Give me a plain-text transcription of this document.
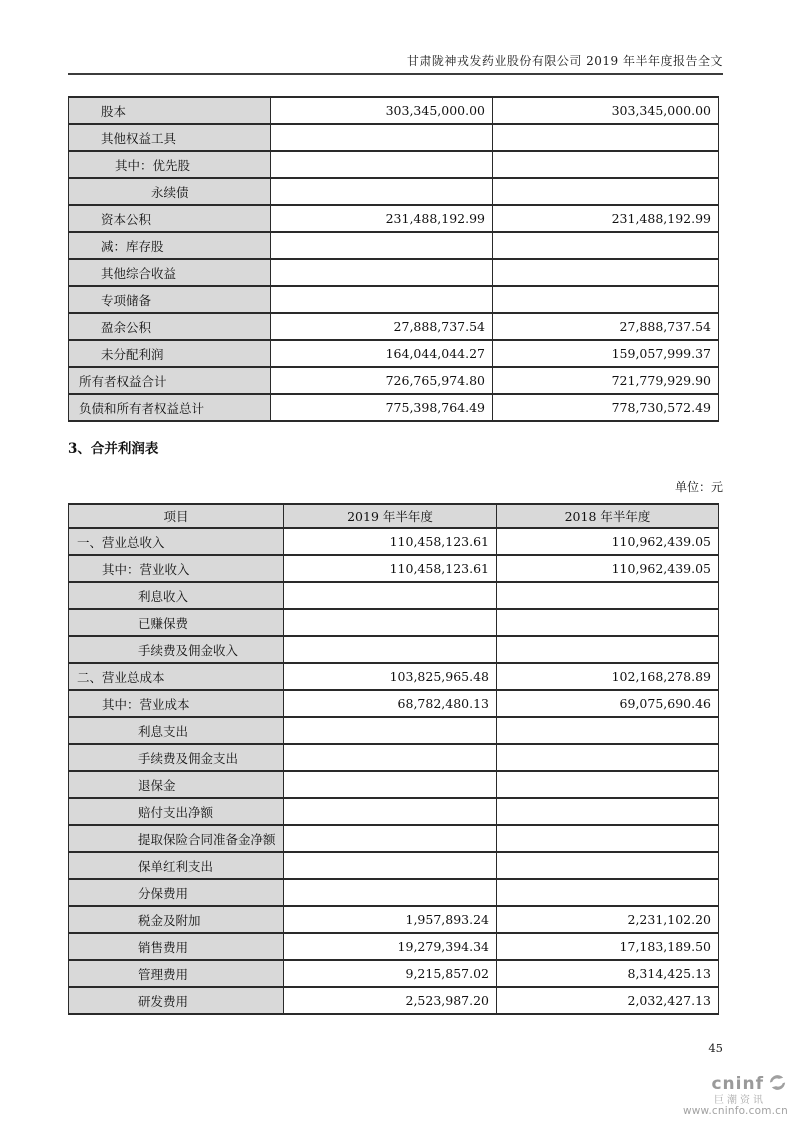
甘肃陇神戎发药业股份有限公司 2019 年半年度报告全文
股本	303,345,000.00	303,345,000.00
其他权益工具		
其中：优先股		
永续债		
资本公积	231,488,192.99	231,488,192.99
减：库存股		
其他综合收益		
专项储备		
盈余公积	27,888,737.54	27,888,737.54
未分配利润	164,044,044.27	159,057,999.37
所有者权益合计	726,765,974.80	721,779,929.90
负债和所有者权益总计	775,398,764.49	778,730,572.49
3、合并利润表
单位：元
项目	2019 年半年度	2018 年半年度
一、营业总收入	110,458,123.61	110,962,439.05
其中：营业收入	110,458,123.61	110,962,439.05
利息收入		
已赚保费		
手续费及佣金收入		
二、营业总成本	103,825,965.48	102,168,278.89
其中：营业成本	68,782,480.13	69,075,690.46
利息支出		
手续费及佣金支出		
退保金		
赔付支出净额		
提取保险合同准备金净额		
保单红利支出		
分保费用		
税金及附加	1,957,893.24	2,231,102.20
销售费用	19,279,394.34	17,183,189.50
管理费用	9,215,857.02	8,314,425.13
研发费用	2,523,987.20	2,032,427.13
45
cninf
巨潮资讯
www.cninfo.com.cn
